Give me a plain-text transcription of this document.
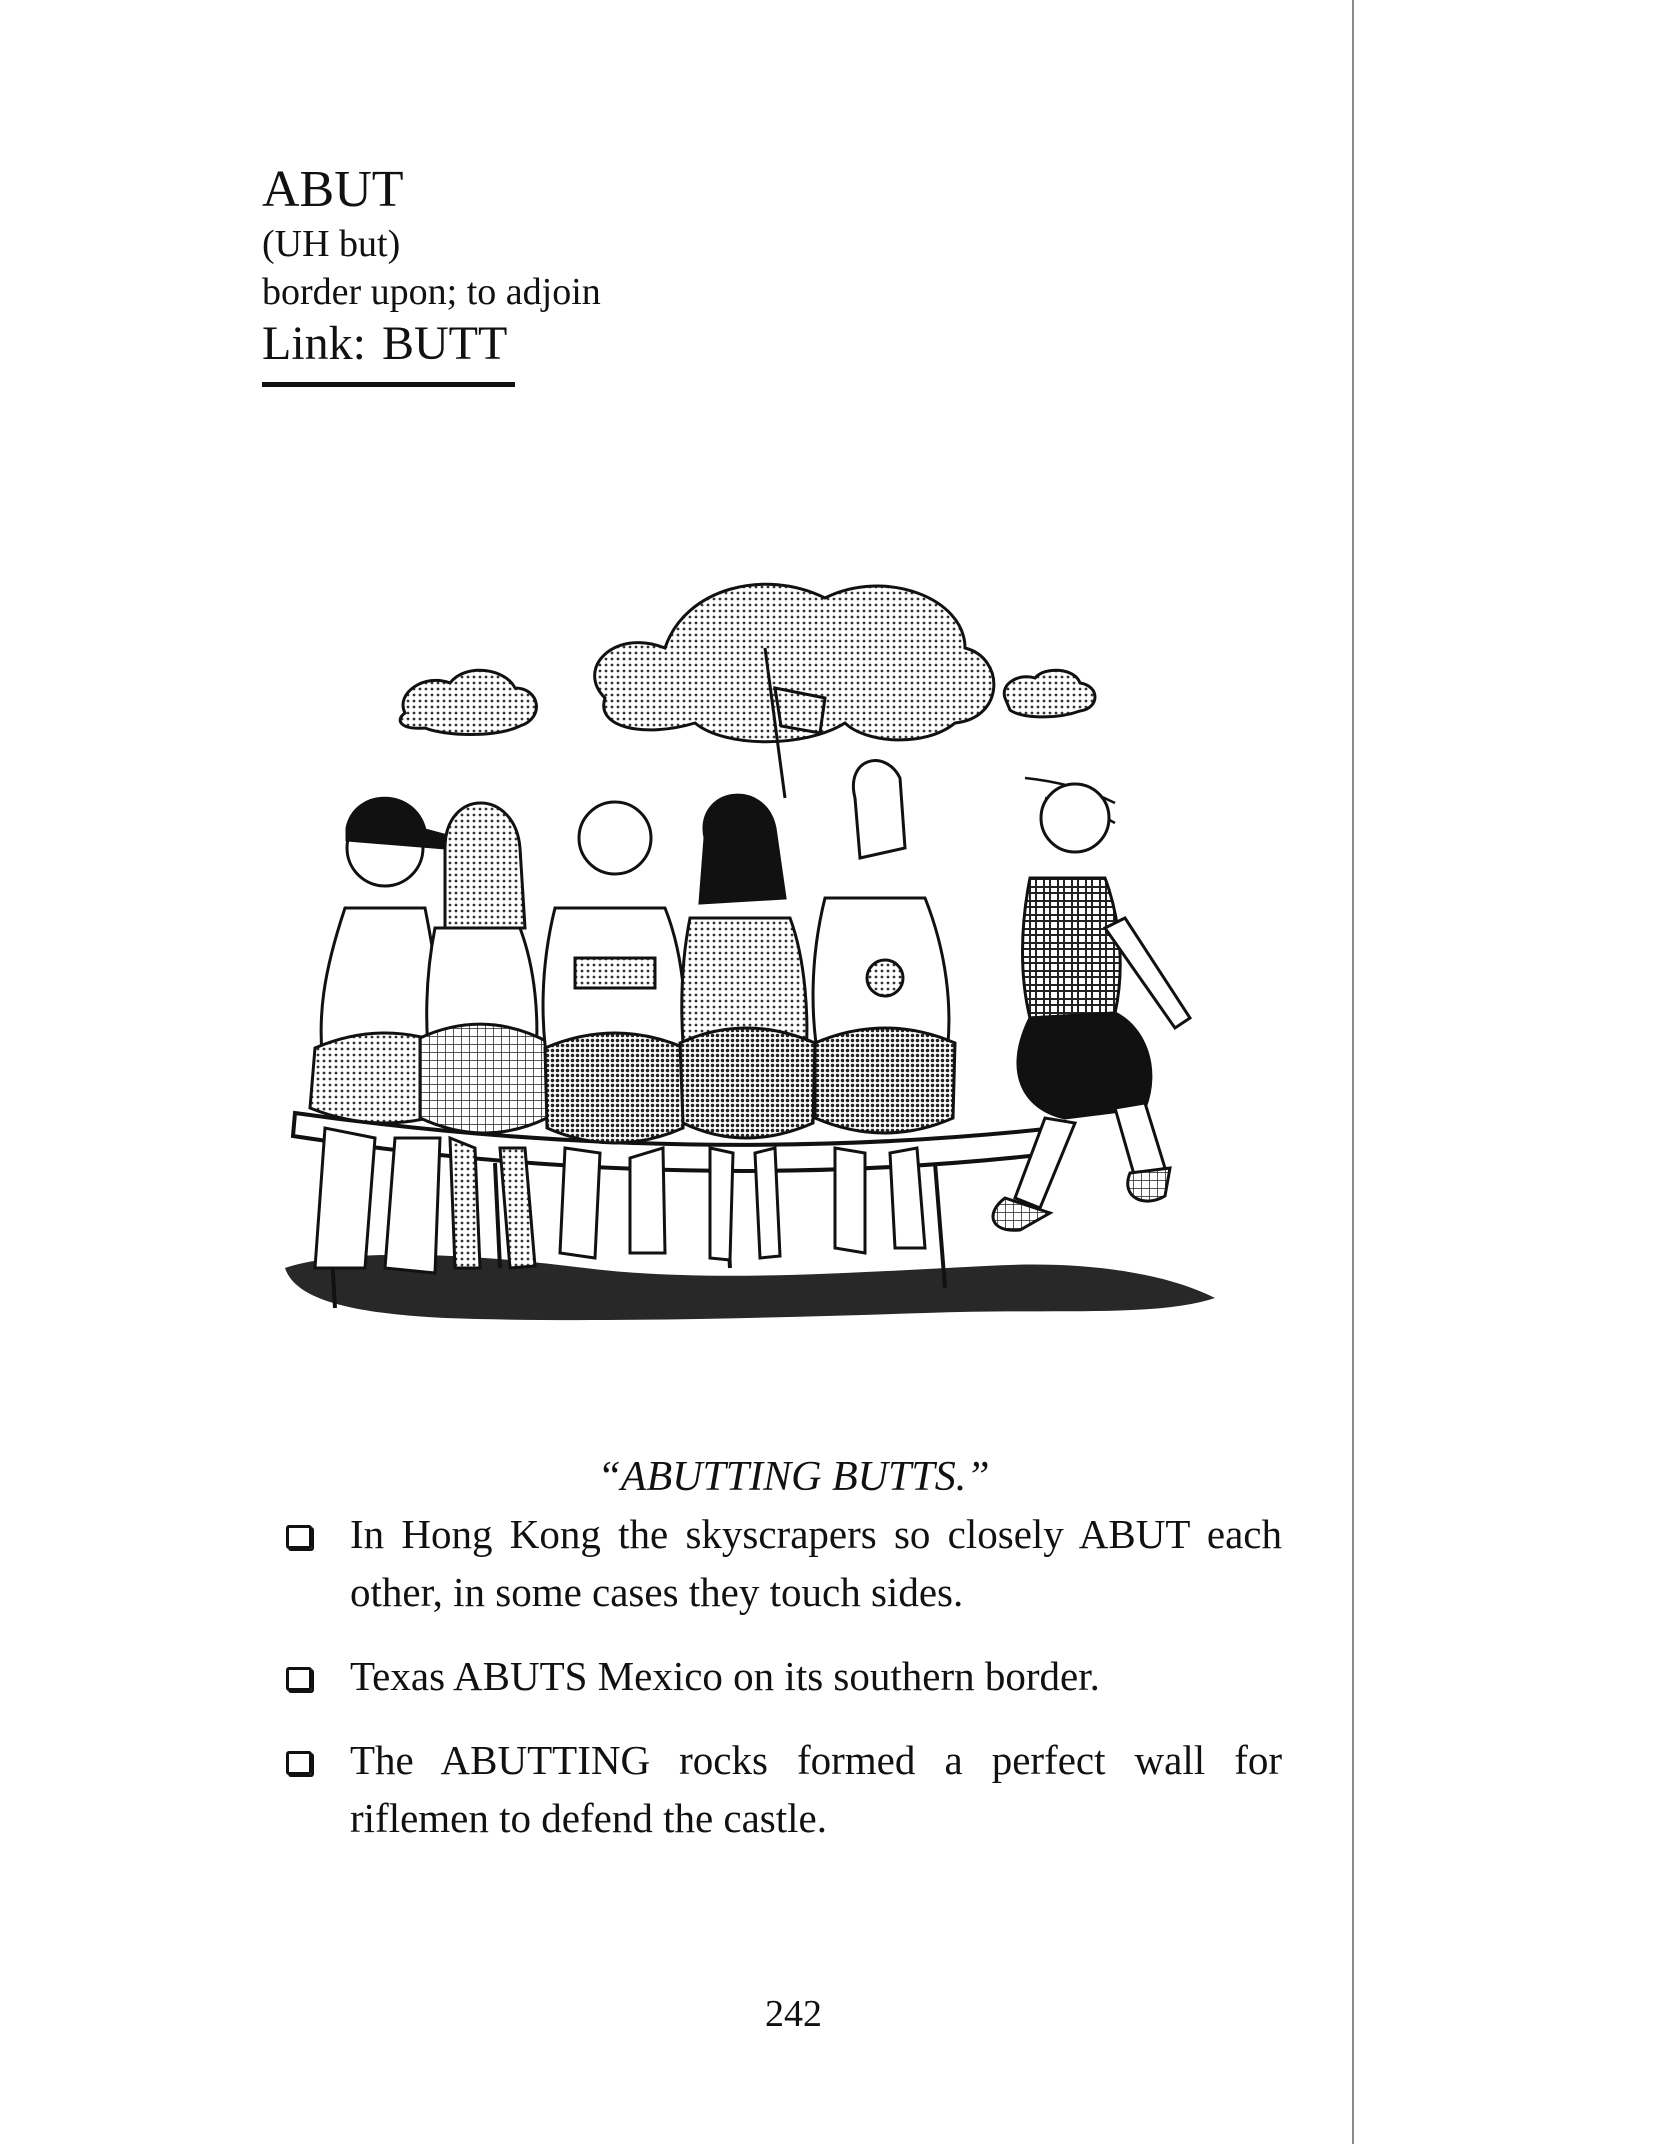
ABUT

(UH but)

border upon; to adjoin

Link: BUTT

“ABUTTING BUTTS.”

In Hong Kong the skyscrapers so closely ABUT each other, in some cases they touch sides.
Texas ABUTS Mexico on its southern border.
The ABUTTING rocks formed a perfect wall for riflemen to defend the castle.
242
